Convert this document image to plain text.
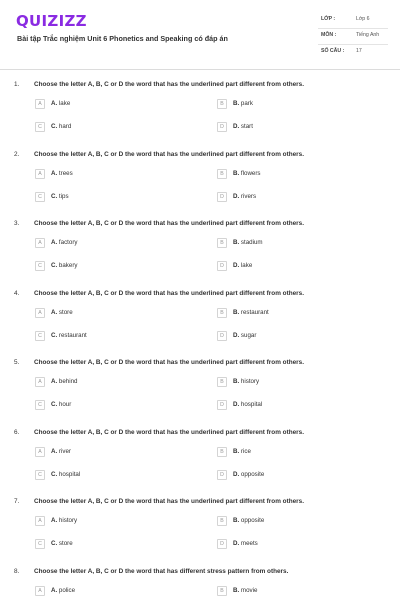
QUIZIZZ
Bài tập Trắc nghiệm Unit 6 Phonetics and Speaking có đáp án
LỚP :	Lớp 6
MÔN :	Tiếng Anh
SỐ CÂU : 17
1. Choose the letter A, B, C or D the word that has the underlined part different from others.
A	A. lake	B	B. park
C	C. hard	D	D. start
2. Choose the letter A, B, C or D the word that has the underlined part different from others.
A	A. trees	B	B. flowers
C	C. tips	D	D. rivers
3. Choose the letter A, B, C or D the word that has the underlined part different from others.
A	A. factory	B	B. stadium
C	C. bakery	D	D. lake
4. Choose the letter A, B, C or D the word that has the underlined part different from others.
A	A. store	B	B. restaurant
C	C. restaurant	D	D. sugar
5. Choose the letter A, B, C or D the word that has the underlined part different from others.
A	A. behind	B	B. history
C	C. hour	D	D. hospital
6. Choose the letter A, B, C or D the word that has the underlined part different from others.
A	A. river	B	B. rice
C	C. hospital	D	D. opposite
7. Choose the letter A, B, C or D the word that has the underlined part different from others.
A	A. history	B	B. opposite
C	C. store	D	D. meets
8. Choose the letter A, B, C or D the word that has different stress pattern from others.
A	A. police	B	B. movie
